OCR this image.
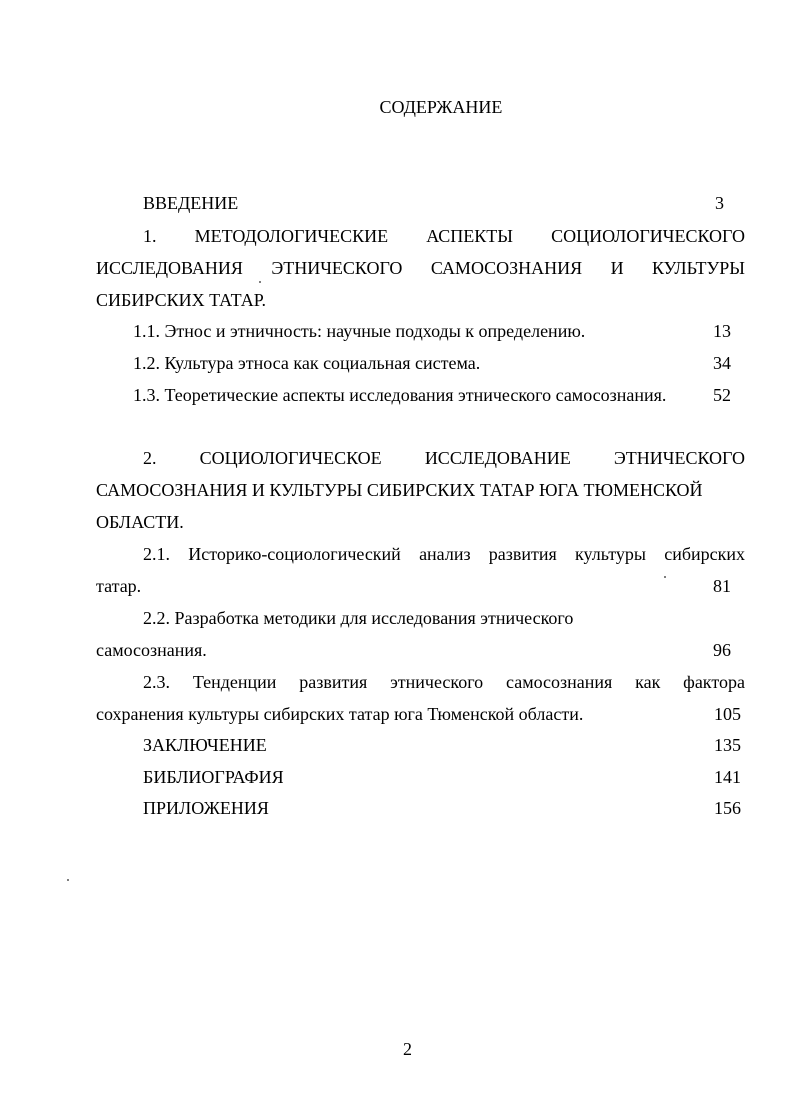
СОДЕРЖАНИЕ
ВВЕДЕНИЕ	3
1. МЕТОДОЛОГИЧЕСКИЕ АСПЕКТЫ СОЦИОЛОГИЧЕСКОГО
ИССЛЕДОВАНИЯ ЭТНИЧЕСКОГО САМОСОЗНАНИЯ И КУЛЬТУРЫ
СИБИРСКИХ ТАТАР.
1.1. Этнос и этничность: научные подходы к определению.	13
1.2. Культура этноса как социальная система.	34
1.3. Теоретические аспекты исследования этнического самосознания.	52
2. СОЦИОЛОГИЧЕСКОЕ ИССЛЕДОВАНИЕ ЭТНИЧЕСКОГО
САМОСОЗНАНИЯ И КУЛЬТУРЫ СИБИРСКИХ ТАТАР ЮГА ТЮМЕНСКОЙ
ОБЛАСТИ.
2.1. Историко-социологический анализ развития культуры сибирских
татар.	81
2.2. Разработка методики для исследования этнического
самосознания.	96
2.3. Тенденции развития этнического самосознания как фактора
сохранения культуры сибирских татар юга Тюменской области.	105
ЗАКЛЮЧЕНИЕ	135
БИБЛИОГРАФИЯ	141
ПРИЛОЖЕНИЯ	156
2
